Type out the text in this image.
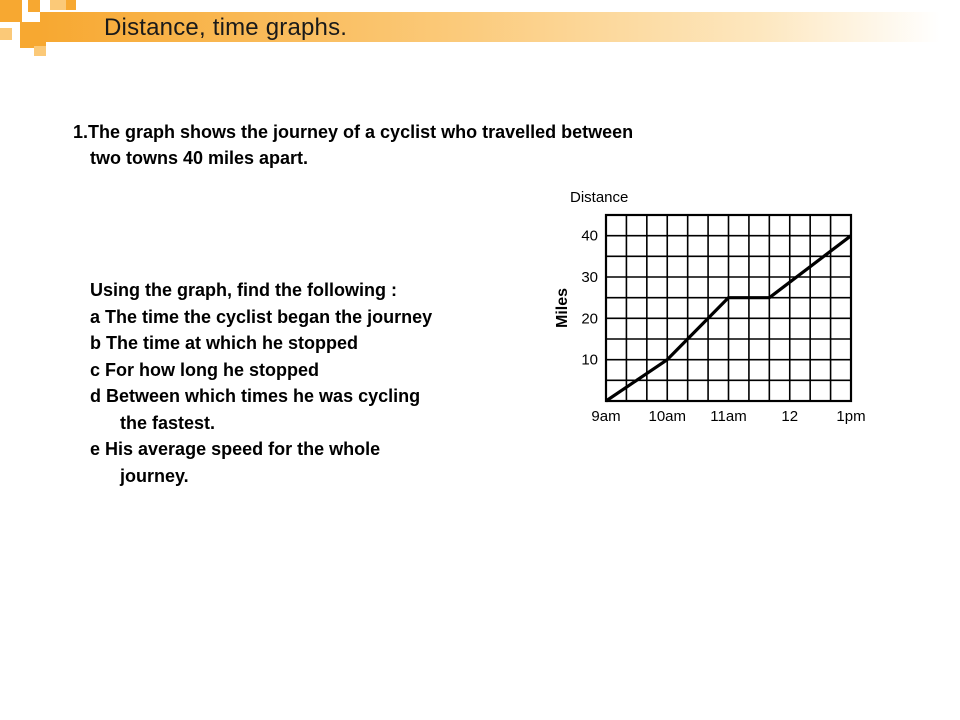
Distance, time graphs.
1.The graph shows the journey of a cyclist who travelled between
two towns 40 miles apart.
Using the graph, find the following :
a The time the cyclist began the journey
b The time at which he stopped
c For how long he stopped
d Between which times he was cycling
the fastest.
e His average speed for the whole
journey.
Distance
Miles
10
20
30
40
9am 10am 11am 12	1pm
